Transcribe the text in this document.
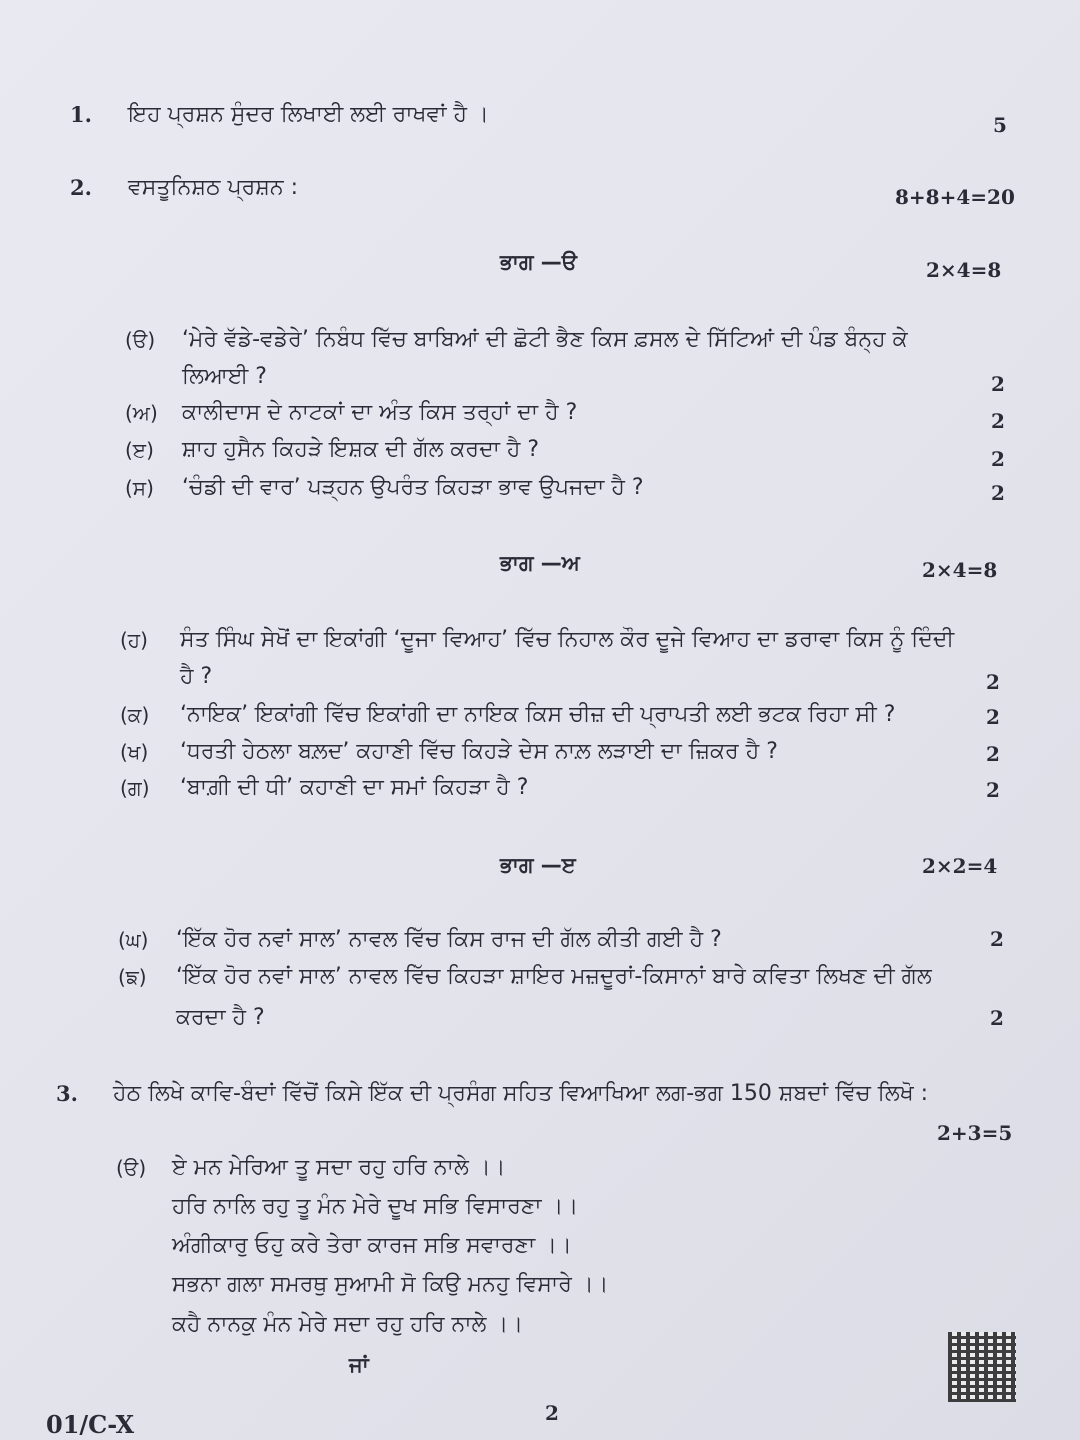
1. ਇਹ ਪ੍ਰਸ਼ਨ ਸੁੰਦਰ ਲਿਖਾਈ ਲਈ ਰਾਖਵਾਂ ਹੈ ।	5
2. ਵਸਤੂਨਿਸ਼ਠ ਪ੍ਰਸ਼ਨ :	8+8+4=20
ਭਾਗ —ੳ	2×4=8
(ੳ) ‘ਮੇਰੇ ਵੱਡੇ-ਵਡੇਰੇ’ ਨਿਬੰਧ ਵਿੱਚ ਬਾਬਿਆਂ ਦੀ ਛੋਟੀ ਭੈਣ ਕਿਸ ਫ਼ਸਲ ਦੇ ਸਿੱਟਿਆਂ ਦੀ ਪੰਡ ਬੰਨ੍ਹ ਕੇ
ਲਿਆਈ ?	2
(ਅ) ਕਾਲੀਦਾਸ ਦੇ ਨਾਟਕਾਂ ਦਾ ਅੰਤ ਕਿਸ ਤਰ੍ਹਾਂ ਦਾ ਹੈ ?	2
(ੲ) ਸ਼ਾਹ ਹੁਸੈਨ ਕਿਹੜੇ ਇਸ਼ਕ ਦੀ ਗੱਲ ਕਰਦਾ ਹੈ ?	2
(ਸ) ‘ਚੰਡੀ ਦੀ ਵਾਰ’ ਪੜ੍ਹਨ ਉਪਰੰਤ ਕਿਹੜਾ ਭਾਵ ਉਪਜਦਾ ਹੈ ?	2
ਭਾਗ —ਅ	2×4=8
(ਹ) ਸੰਤ ਸਿੰਘ ਸੇਖੋਂ ਦਾ ਇਕਾਂਗੀ ‘ਦੂਜਾ ਵਿਆਹ’ ਵਿੱਚ ਨਿਹਾਲ ਕੌਰ ਦੂਜੇ ਵਿਆਹ ਦਾ ਡਰਾਵਾ ਕਿਸ ਨੂੰ ਦਿੰਦੀ
ਹੈ ?	2
(ਕ) ‘ਨਾਇਕ’ ਇਕਾਂਗੀ ਵਿੱਚ ਇਕਾਂਗੀ ਦਾ ਨਾਇਕ ਕਿਸ ਚੀਜ਼ ਦੀ ਪ੍ਰਾਪਤੀ ਲਈ ਭਟਕ ਰਿਹਾ ਸੀ ?	2
(ਖ) ‘ਧਰਤੀ ਹੇਠਲਾ ਬਲ਼ਦ’ ਕਹਾਣੀ ਵਿੱਚ ਕਿਹੜੇ ਦੇਸ ਨਾਲ਼ ਲੜਾਈ ਦਾ ਜ਼ਿਕਰ ਹੈ ?	2
(ਗ) ‘ਬਾਗ਼ੀ ਦੀ ਧੀ’ ਕਹਾਣੀ ਦਾ ਸਮਾਂ ਕਿਹੜਾ ਹੈ ?	2
ਭਾਗ —ੲ	2×2=4
(ਘ) ‘ਇੱਕ ਹੋਰ ਨਵਾਂ ਸਾਲ’ ਨਾਵਲ ਵਿੱਚ ਕਿਸ ਰਾਜ ਦੀ ਗੱਲ ਕੀਤੀ ਗਈ ਹੈ ?	2
(ਙ) ‘ਇੱਕ ਹੋਰ ਨਵਾਂ ਸਾਲ’ ਨਾਵਲ ਵਿੱਚ ਕਿਹੜਾ ਸ਼ਾਇਰ ਮਜ਼ਦੂਰਾਂ-ਕਿਸਾਨਾਂ ਬਾਰੇ ਕਵਿਤਾ ਲਿਖਣ ਦੀ ਗੱਲ
ਕਰਦਾ ਹੈ ?	2
3. ਹੇਠ ਲਿਖੇ ਕਾਵਿ-ਬੰਦਾਂ ਵਿੱਚੋਂ ਕਿਸੇ ਇੱਕ ਦੀ ਪ੍ਰਸੰਗ ਸਹਿਤ ਵਿਆਖਿਆ ਲਗ-ਭਗ 150 ਸ਼ਬਦਾਂ ਵਿੱਚ ਲਿਖੋ :
2+3=5
(ੳ) ਏ ਮਨ ਮੇਰਿਆ ਤੂ ਸਦਾ ਰਹੁ ਹਰਿ ਨਾਲੇ ।।
ਹਰਿ ਨਾਲਿ ਰਹੁ ਤੂ ਮੰਨ ਮੇਰੇ ਦੂਖ ਸਭਿ ਵਿਸਾਰਣਾ ।।
ਅੰਗੀਕਾਰੁ ਓਹੁ ਕਰੇ ਤੇਰਾ ਕਾਰਜ ਸਭਿ ਸਵਾਰਣਾ ।।
ਸਭਨਾ ਗਲਾ ਸਮਰਥੁ ਸੁਆਮੀ ਸੋ ਕਿਉ ਮਨਹੁ ਵਿਸਾਰੇ ।।
ਕਹੈ ਨਾਨਕੁ ਮੰਨ ਮੇਰੇ ਸਦਾ ਰਹੁ ਹਰਿ ਨਾਲੇ ।।
ਜਾਂ
01/C-X	2
